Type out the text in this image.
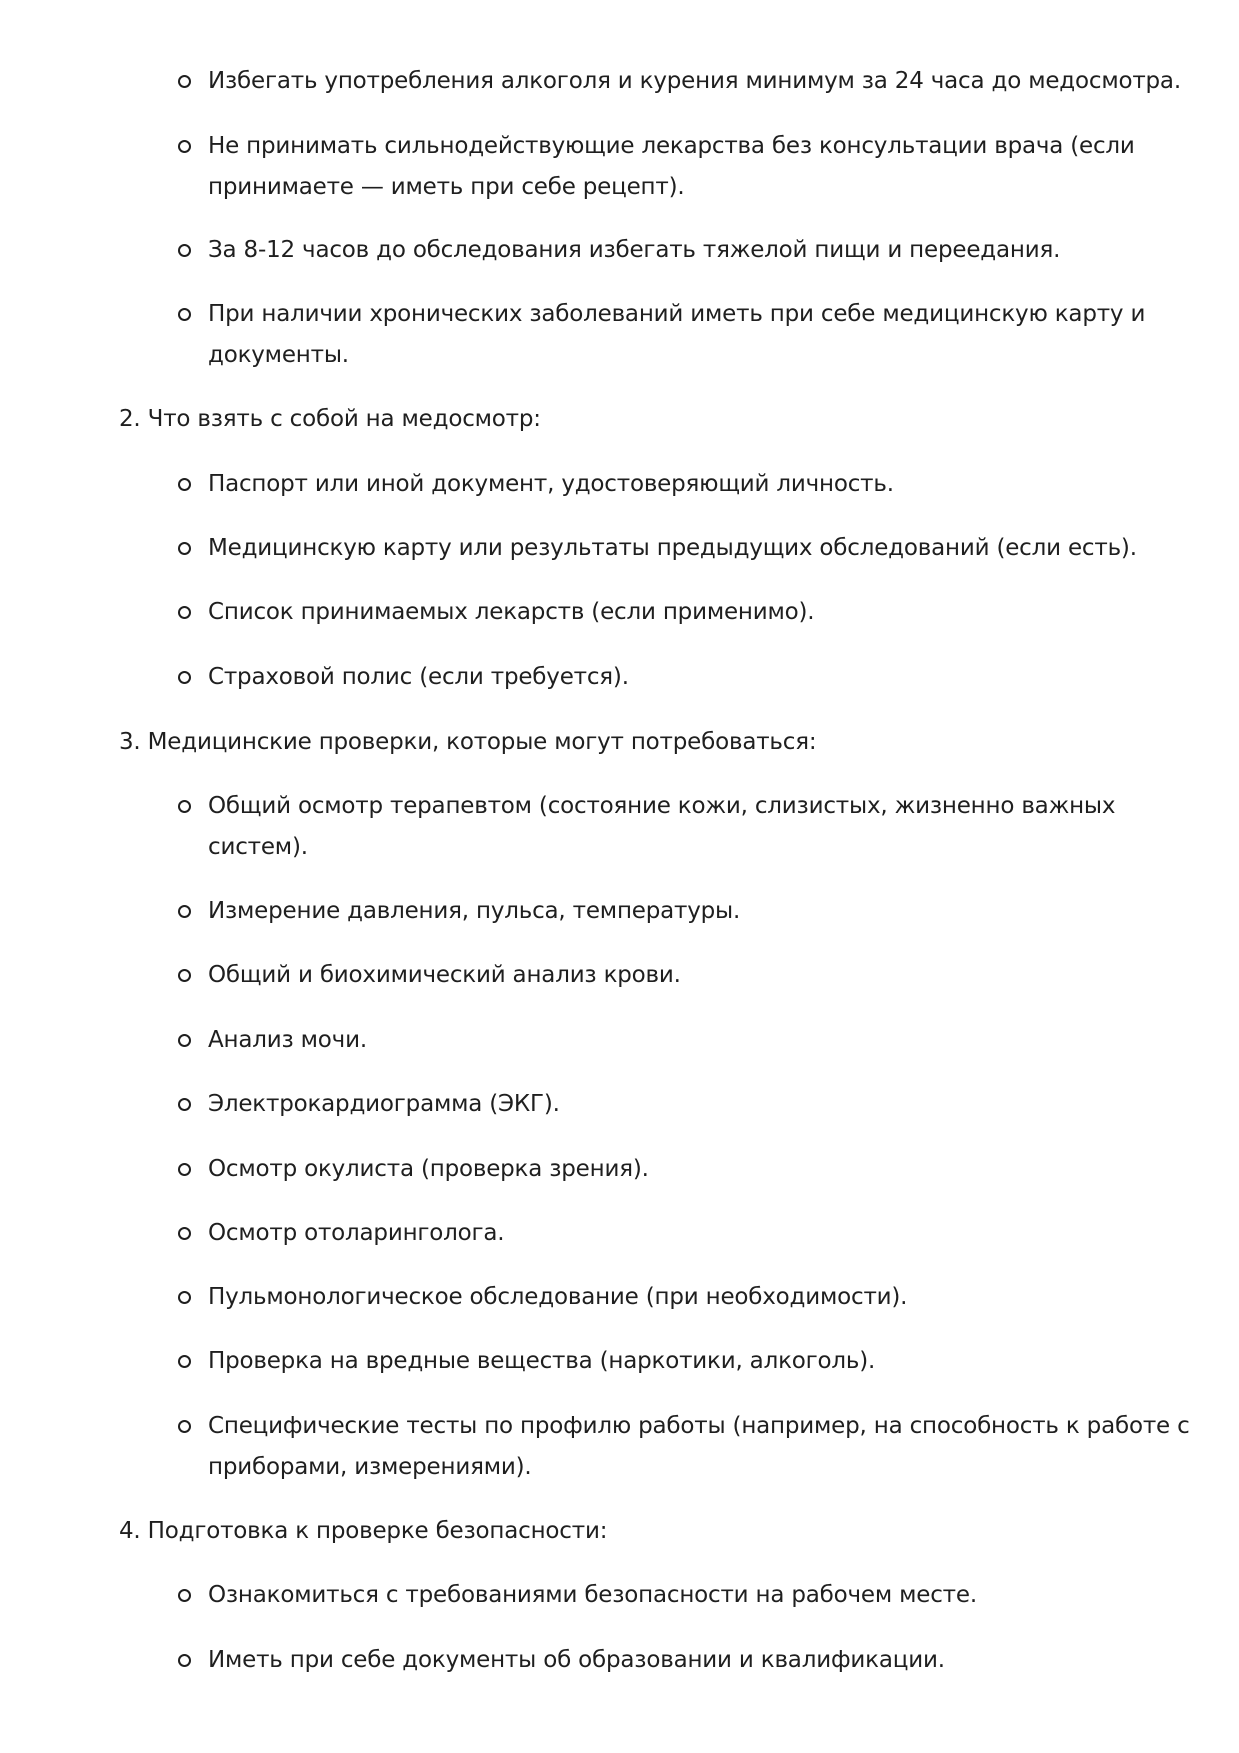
Избегать употребления алкоголя и курения минимум за 24 часа до медосмотра.
Не принимать сильнодействующие лекарства без консультации врача (если
принимаете — иметь при себе рецепт).
За 8-12 часов до обследования избегать тяжелой пищи и переедания.
При наличии хронических заболеваний иметь при себе медицинскую карту и
документы.
2. Что взять с собой на медосмотр:
Паспорт или иной документ, удостоверяющий личность.
Медицинскую карту или результаты предыдущих обследований (если есть).
Список принимаемых лекарств (если применимо).
Страховой полис (если требуется).
3. Медицинские проверки, которые могут потребоваться:
Общий осмотр терапевтом (состояние кожи, слизистых, жизненно важных
систем).
Измерение давления, пульса, температуры.
Общий и биохимический анализ крови.
Анализ мочи.
Электрокардиограмма (ЭКГ).
Осмотр окулиста (проверка зрения).
Осмотр отоларинголога.
Пульмонологическое обследование (при необходимости).
Проверка на вредные вещества (наркотики, алкоголь).
Специфические тесты по профилю работы (например, на способность к работе с
приборами, измерениями).
4. Подготовка к проверке безопасности:
Ознакомиться с требованиями безопасности на рабочем месте.
Иметь при себе документы об образовании и квалификации.
